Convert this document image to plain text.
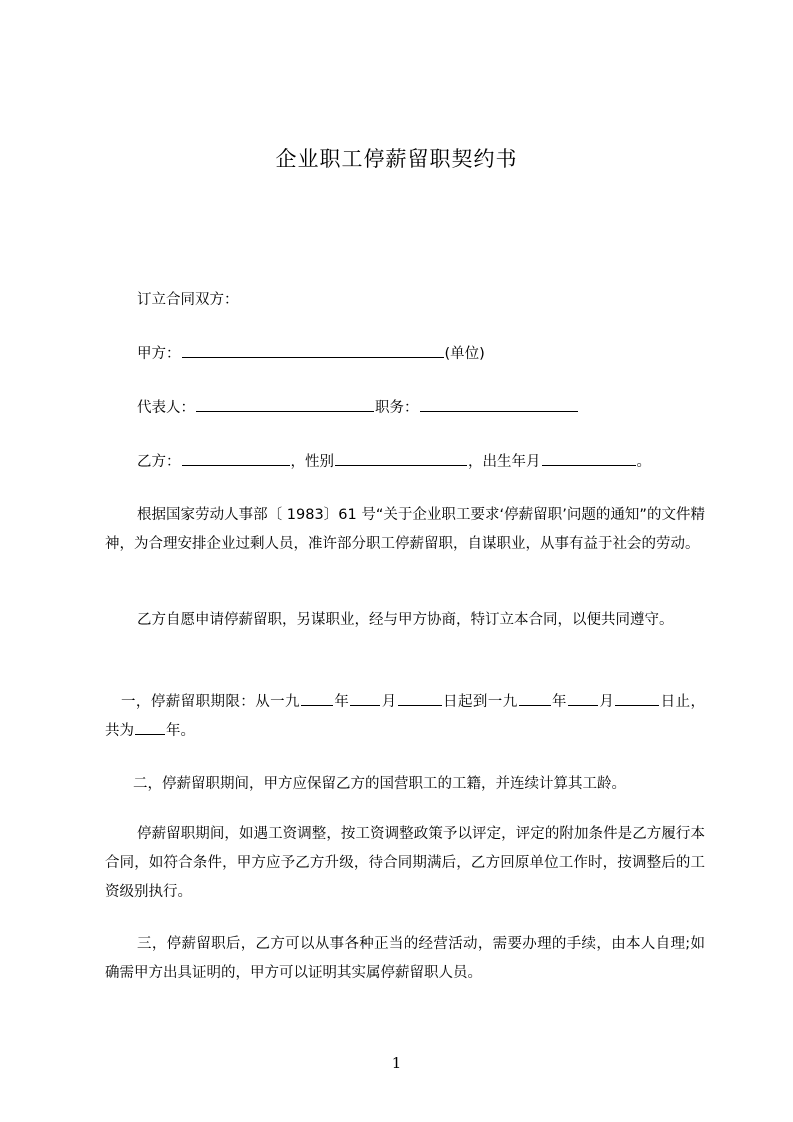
企业职工停薪留职契约书
订立合同双方：
甲方：	(单位)
代表人：	职务：
乙方：	，性别	，出生年月	。
根据国家劳动人事部〔 1983〕61 号“关于企业职工要求‘停薪留职’问题的通知”的文件精神，为合理安排企业过剩人员，准许部分职工停薪留职，自谋职业，从事有益于社会的劳动。
乙方自愿申请停薪留职，另谋职业，经与甲方协商，特订立本合同，以便共同遵守。
一，停薪留职期限：从一九 年 月	日起到一九 年 月	日止，共为 年。
二，停薪留职期间，甲方应保留乙方的国营职工的工籍，并连续计算其工龄。
停薪留职期间，如遇工资调整，按工资调整政策予以评定，评定的附加条件是乙方履行本合同，如符合条件，甲方应予乙方升级，待合同期满后，乙方回原单位工作时，按调整后的工资级别执行。
三，停薪留职后，乙方可以从事各种正当的经营活动，需要办理的手续，由本人自理;如确需甲方出具证明的，甲方可以证明其实属停薪留职人员。
1
